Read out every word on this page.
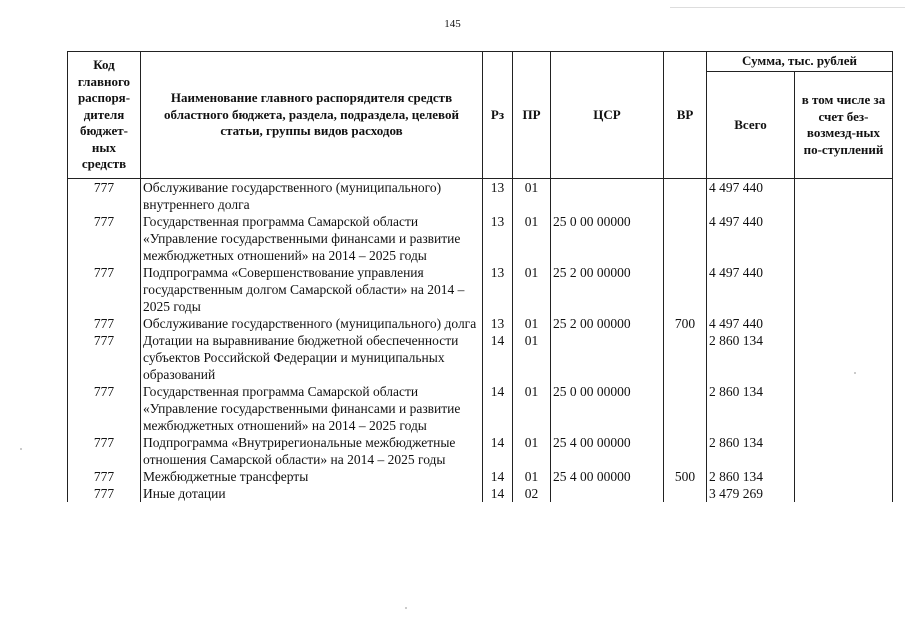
145
Код главного распоря-дителя бюджет-ных средств	Наименование главного распорядителя средств областного бюджета, раздела, подраздела, целевой статьи, группы видов расходов	Рз	ПР	ЦСР	ВР	Сумма, тыс. рублей	
						Всего	в том числе за счет без-возмезд-ных по-ступлений
777	Обслуживание государственного (муниципального) внутреннего долга	13	01			4 497 440	
777	Государственная программа Самарской области «Управление государственными финансами и развитие межбюджетных отношений» на 2014 – 2025 годы	13	01	25 0 00 00000		4 497 440	
777	Подпрограмма «Совершенствование управления государственным долгом Самарской области» на 2014 – 2025 годы	13	01	25 2 00 00000		4 497 440	
777	Обслуживание государственного (муниципального) долга	13	01	25 2 00 00000	700	4 497 440	
777	Дотации на выравнивание бюджетной обеспеченности субъектов Российской Федерации и муниципальных образований	14	01			2 860 134	
777	Государственная программа Самарской области «Управление государственными финансами и развитие межбюджетных отношений» на 2014 – 2025 годы	14	01	25 0 00 00000		2 860 134	
777	Подпрограмма «Внутрирегиональные межбюджетные отношения Самарской области» на 2014 – 2025 годы	14	01	25 4 00 00000		2 860 134	
777	Межбюджетные трансферты	14	01	25 4 00 00000	500	2 860 134	
777	Иные дотации	14	02			3 479 269	
